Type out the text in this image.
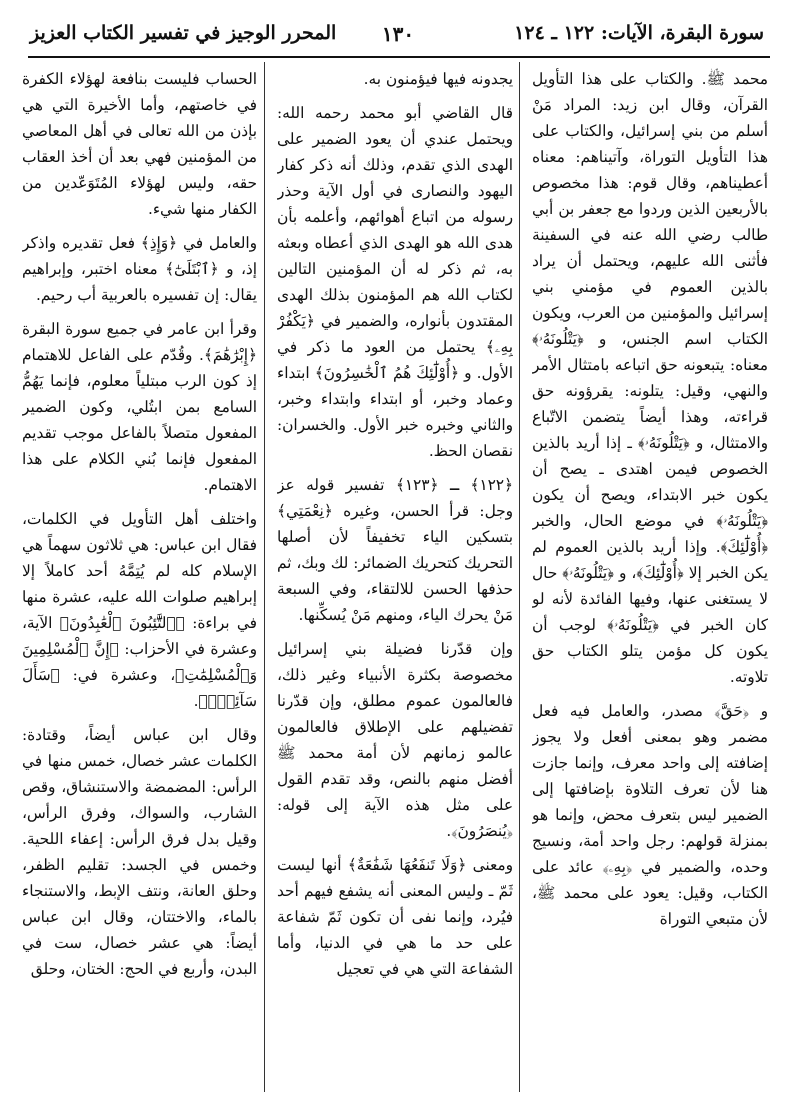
سورة البقرة، الآيات: ١٢٢ ـ ١٢٤
١٣٠
المحرر الوجيز في تفسير الكتاب العزيز

محمد ﷺ. والكتاب على هذا التأويل القرآن، وقال ابن زيد: المراد مَنْ أسلم من بني إسرائيل، والكتاب على هذا التأويل التوراة، وآتيناهم: معناه أعطيناهم، وقال قوم: هذا مخصوص بالأربعين الذين وردوا مع جعفر بن أبي طالب رضي الله عنه في السفينة فأثنى الله عليهم، ويحتمل أن يراد بالذين العموم في مؤمني بني إسرائيل والمؤمنين من العرب، ويكون الكتاب اسم الجنس، و ﴿يَتْلُونَهُۥ﴾ معناه: يتبعونه حق اتباعه بامتثال الأمر والنهي، وقيل: يتلونه: يقرؤونه حق قراءته، وهذا أيضاً يتضمن الاتّباع والامتثال، و ﴿يَتْلُونَهُۥ﴾ ـ إذا أريد بالذين الخصوص فيمن اهتدى ـ يصح أن يكون خبر الابتداء، ويصح أن يكون ﴿يَتْلُونَهُۥ﴾ في موضع الحال، والخبر ﴿أُوْلَٰٓئِكَ﴾. وإذا أريد بالذين العموم لم يكن الخبر إلا ﴿أُوْلَٰٓئِكَ﴾، و ﴿يَتْلُونَهُۥ﴾ حال لا يستغنى عنها، وفيها الفائدة لأنه لو كان الخبر في ﴿يَتْلُونَهُۥ﴾ لوجب أن يكون كل مؤمن يتلو الكتاب حق تلاوته.

و ﴿حَقَّ﴾ مصدر، والعامل فيه فعل مضمر وهو بمعنى أفعل ولا يجوز إضافته إلى واحد معرف، وإنما جازت هنا لأن تعرف التلاوة بإضافتها إلى الضمير ليس بتعرف محض، وإنما هو بمنزلة قولهم: رجل واحد أمة، ونسيج وحده، والضمير في ﴿بِهِۦ﴾ عائد على الكتاب، وقيل: يعود على محمد ﷺ، لأن متبعي التوراة

يجدونه فيها فيؤمنون به.

قال القاضي أبو محمد رحمه الله: ويحتمل عندي أن يعود الضمير على الهدى الذي تقدم، وذلك أنه ذكر كفار اليهود والنصارى في أول الآية وحذر رسوله من اتباع أهوائهم، وأعلمه بأن هدى الله هو الهدى الذي أعطاه وبعثه به، ثم ذكر له أن المؤمنين التالين لكتاب الله هم المؤمنون بذلك الهدى المقتدون بأنواره، والضمير في ﴿يَكْفُرْ بِهِۦ﴾ يحتمل من العود ما ذكر في الأول. و ﴿أُوْلَٰٓئِكَ هُمُ ٱلْخَٰسِرُونَ﴾ ابتداء وعماد وخبر، أو ابتداء وابتداء وخبر، والثاني وخبره خبر الأول. والخسران: نقصان الحظ.

﴿١٢٢﴾ ـ ﴿١٢٣﴾ تفسير قوله عز وجل: قرأ الحسن، وغيره ﴿نِعْمَتِي﴾ بتسكين الياء تخفيفاً لأن أصلها التحريك كتحريك الضمائر: لك وبك، ثم حذفها الحسن للالتقاء، وفي السبعة مَنْ يحرك الياء، ومنهم مَنْ يُسكِّنها.

وإن قدّرنا فضيلة بني إسرائيل مخصوصة بكثرة الأنبياء وغير ذلك، فالعالمون عموم مطلق، وإن قدّرنا تفضيلهم على الإطلاق فالعالمون عالمو زمانهم لأن أمة محمد ﷺ أفضل منهم بالنص، وقد تقدم القول على مثل هذه الآية إلى قوله: ﴿يُنصَرُونَ﴾.

ومعنى ﴿وَلَا تَنفَعُهَا شَفَٰعَةٌ﴾ أنها ليست ثَمّ ـ وليس المعنى أنه يشفع فيهم أحد فيُرد، وإنما نفى أن تكون ثَمّ شفاعة على حد ما هي في الدنيا، وأما الشفاعة التي هي في تعجيل

الحساب فليست بنافعة لهؤلاء الكفرة في خاصتهم، وأما الأخيرة التي هي بإذن من الله تعالى في أهل المعاصي من المؤمنين فهي بعد أن أخذ العقاب حقه، وليس لهؤلاء المُتَوَعّدين من الكفار منها شيء.

والعامل في ﴿وَإِذِ﴾ فعل تقديره واذكر إذ، و ﴿ٱبْتَلَىٰٓ﴾ معناه اختبر، وإبراهيم يقال: إن تفسيره بالعربية أب رحيم.

وقرأ ابن عامر في جميع سورة البقرة ﴿إِبْرَٰهَٰمَ﴾. وقُدّم على الفاعل للاهتمام إذ كون الرب مبتلياً معلوم، فإنما يَهُمُّ السامع بمن ابتُلي، وكون الضمير المفعول متصلاً بالفاعل موجب تقديم المفعول فإنما بُني الكلام على هذا الاهتمام.

واختلف أهل التأويل في الكلمات، فقال ابن عباس: هي ثلاثون سهماً هي الإسلام كله لم يُتِمَّهُ أحد كاملاً إلا إبراهيم صلوات الله عليه، عشرة منها في براءة: ﴿ٱلتَّٰٓئِبُونَ ٱلْعَٰبِدُونَ﴾ الآية، وعشرة في الأحزاب: ﴿إِنَّ ٱلْمُسْلِمِينَ وَٱلْمُسْلِمَٰتِ﴾، وعشرة في: ﴿سَأَلَ سَآئِلٌۢ﴾.

وقال ابن عباس أيضاً، وقتادة: الكلمات عشر خصال، خمس منها في الرأس: المضمضة والاستنشاق، وقص الشارب، والسواك، وفرق الرأس، وقيل بدل فرق الرأس: إعفاء اللحية. وخمس في الجسد: تقليم الظفر، وحلق العانة، ونتف الإبط، والاستنجاء بالماء، والاختتان، وقال ابن عباس أيضاً: هي عشر خصال، ست في البدن، وأربع في الحج: الختان، وحلق
